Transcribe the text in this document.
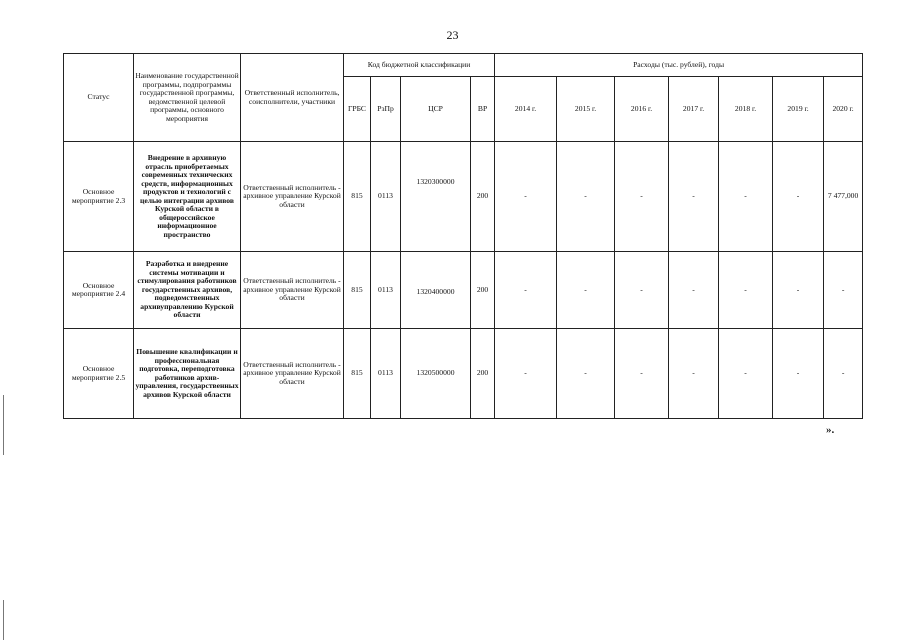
23
Статус	Наименование государственной программы, подпрограммы государственной программы, ведомственной целевой программы, основного мероприятия	Ответственный исполнитель, соисполнители, участники	Код бюджетной классификации				Расходы (тыс. рублей), годы						
			ГРБС	РзПр	ЦСР	ВР	2014 г.	2015 г.	2016 г.	2017 г.	2018 г.	2019 г.	2020 г.
Основное мероприятие 2.3	Внедрение в архивную отрасль приобретаемых современных технических средств, информационных продуктов и технологий с целью интеграции архивов Курской области в общероссийское информационное пространство	Ответственный исполнитель - архивное управление Курской области	815	0113	1320300000	200	-	-	-	-	-	-	7 477,000
Основное мероприятие 2.4	Разработка и внедрение системы мотивации и стимулирования работников государственных архивов, подведомственных архивуправлению Курской области	Ответственный исполнитель - архивное управление Курской области	815	0113	1320400000	200	-	-	-	-	-	-	-
Основное мероприятие 2.5	Повышение квалификации и профессиональная подготовка, переподготовка работников архив-управления, государственных архивов Курской области	Ответственный исполнитель - архивное управление Курской области	815	0113	1320500000	200	-	-	-	-	-	-	-
».
